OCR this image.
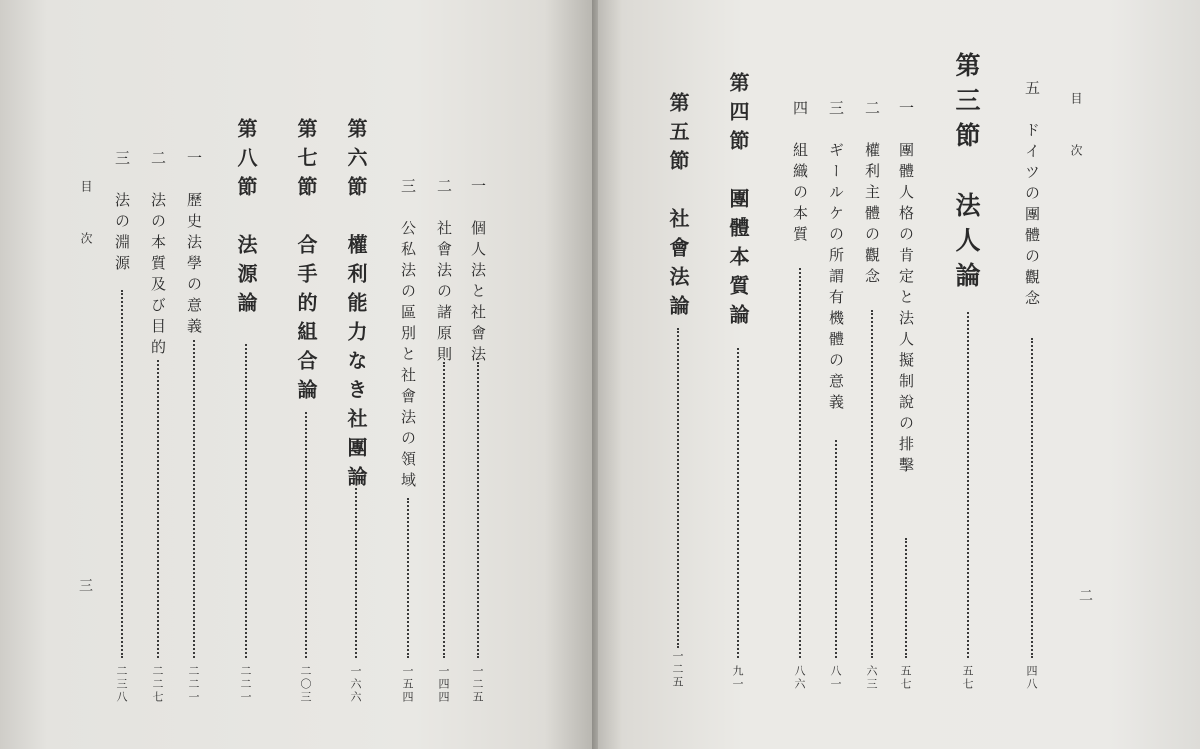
目次
二
五　ドイツの團體の觀念
四八
第三節　法人論
五七
一　團體人格の肯定と法人擬制說の排擊
五七
二　權利主體の觀念
六三
三　ギールケの所謂有機體の意義
八一
四　組織の本質
八六
第四節　團體本質論
九一
第五節　社會法論
一二五
一　個人法と社會法
一二五
二　社會法の諸原則
一四四
三　公私法の區別と社會法の領域
一五四
第六節　權利能力なき社團論
一六六
第七節　合手的組合論
二〇三
第八節　法源論
二二一
一　歷史法學の意義
二二一
二　法の本質及び目的
二二七
三　法の淵源
二三八
目次
三
